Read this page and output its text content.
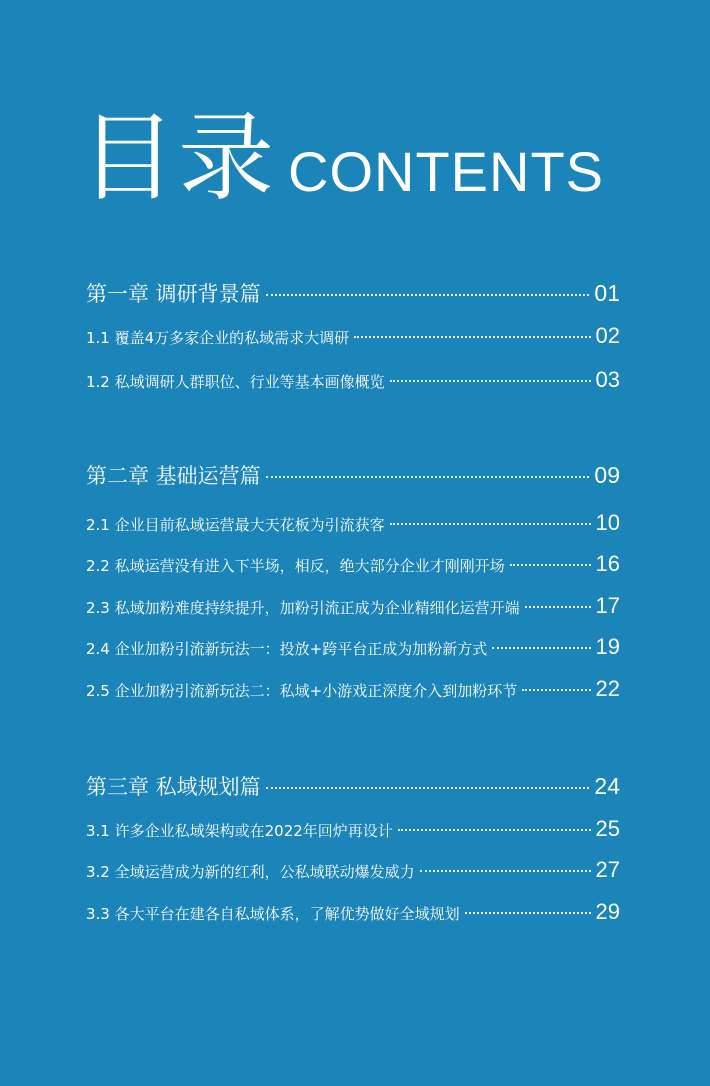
目录 CONTENTS
第一章 调研背景篇	01
1.1 覆盖4万多家企业的私域需求大调研	02
1.2 私域调研人群职位、行业等基本画像概览	03
第二章 基础运营篇	09
2.1 企业目前私域运营最大天花板为引流获客	10
2.2 私域运营没有进入下半场，相反，绝大部分企业才刚刚开场	16
2.3 私域加粉难度持续提升，加粉引流正成为企业精细化运营开端	17
2.4 企业加粉引流新玩法一：投放+跨平台正成为加粉新方式	19
2.5 企业加粉引流新玩法二：私域+小游戏正深度介入到加粉环节	22
第三章 私域规划篇	24
3.1 许多企业私域架构或在2022年回炉再设计	25
3.2 全域运营成为新的红利，公私域联动爆发威力	27
3.3 各大平台在建各自私域体系，了解优势做好全域规划	29
